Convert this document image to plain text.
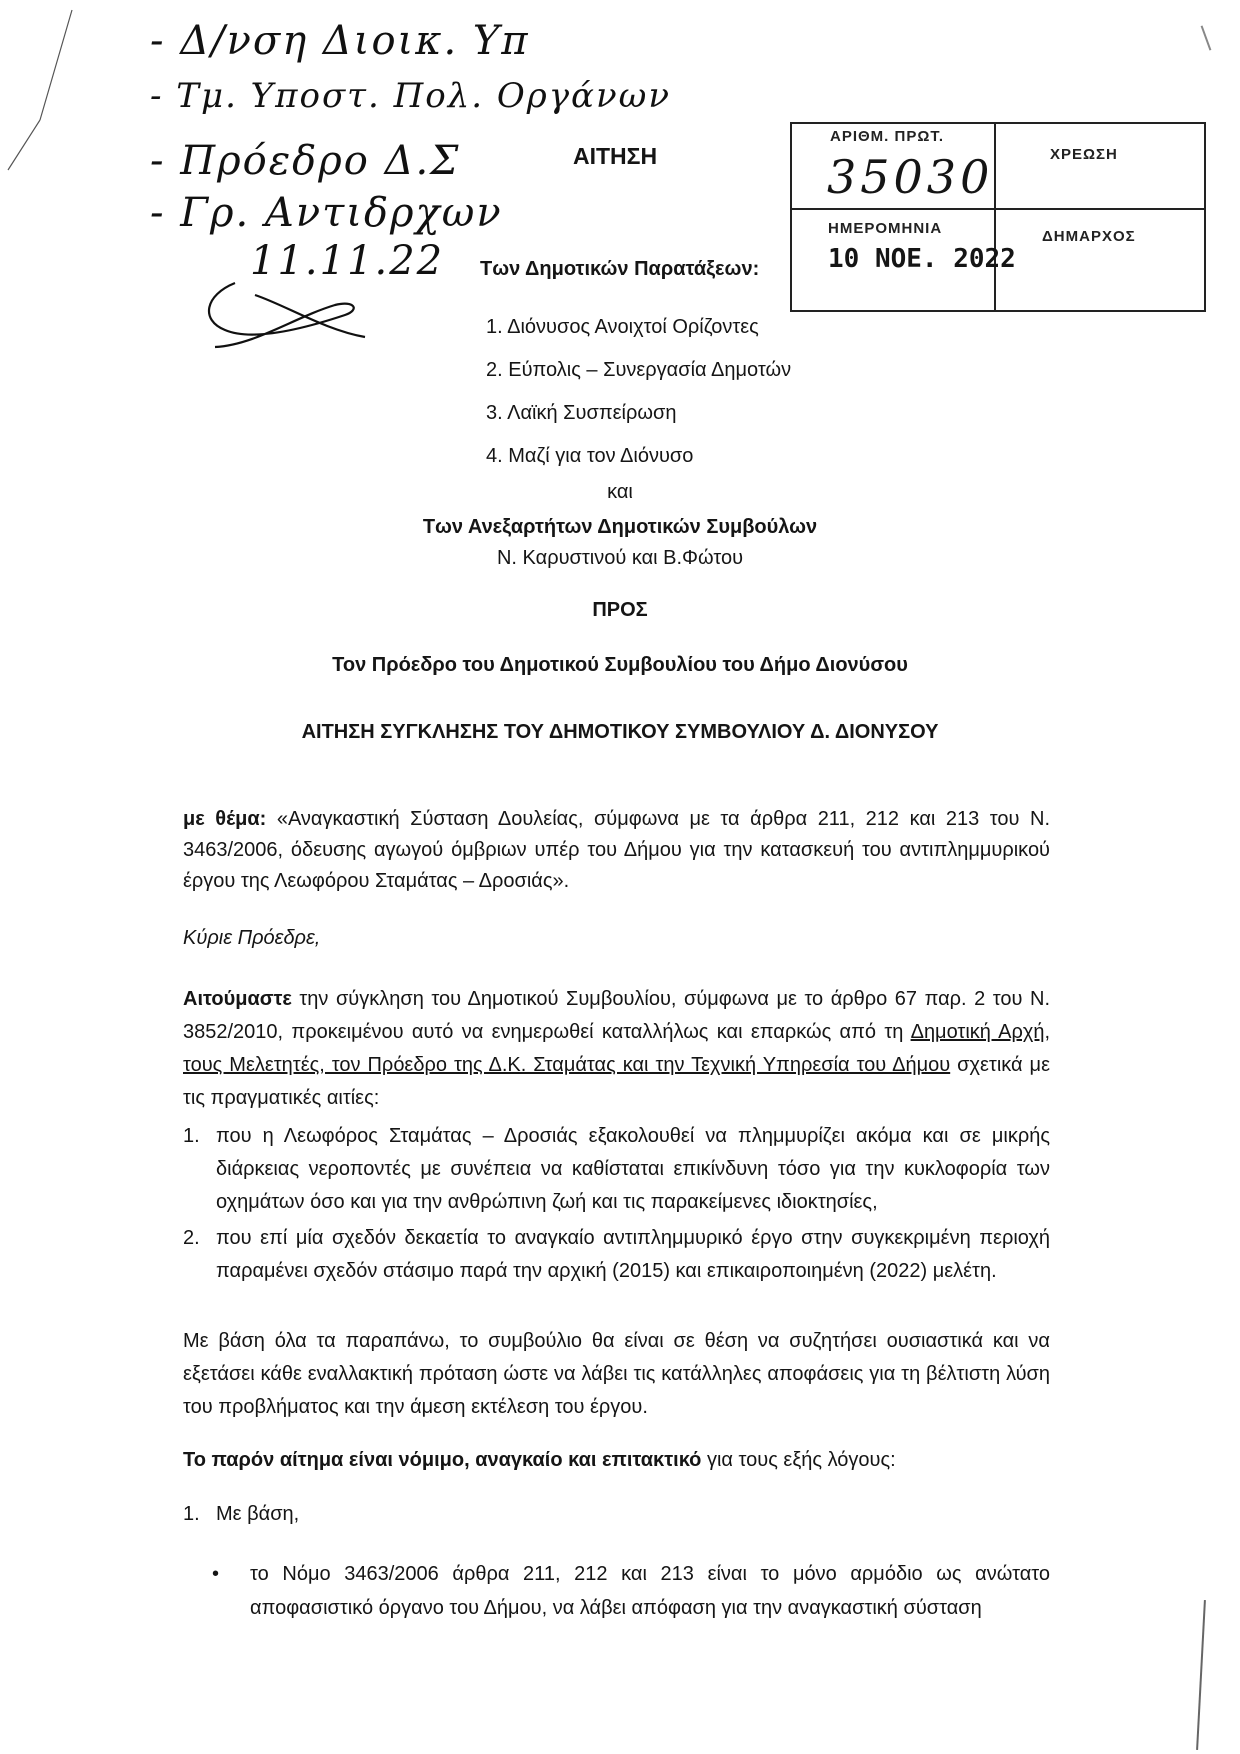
- Δ/νση Διοικ. Υπ
- Τμ. Υποστ. Πολ. Οργάνων
- Πρόεδρο Δ.Σ
- Γρ. Αντιδρχων
11.11.22
ΑΙΤΗΣΗ
ΑΡΙΘΜ. ΠΡΩΤ.
35030	ΧΡΕΩΣΗ
ΗΜΕΡΟΜΗΝΙΑ
10 ΝΟΕ. 2022
ΔΗΜΑΡΧΟΣ
Των Δημοτικών Παρατάξεων:
1. Διόνυσος Ανοιχτοί Ορίζοντες
2. Εύπολις – Συνεργασία Δημοτών
3. Λαϊκή Συσπείρωση
4. Μαζί για τον Διόνυσο
και
Των Ανεξαρτήτων Δημοτικών Συμβούλων
Ν. Καρυστινού και Β.Φώτου
ΠΡΟΣ
Τον Πρόεδρο του Δημοτικού Συμβουλίου του Δήμο Διονύσου
ΑΙΤΗΣΗ ΣΥΓΚΛΗΣΗΣ ΤΟΥ ΔΗΜΟΤΙΚΟΥ ΣΥΜΒΟΥΛΙΟΥ Δ. ΔΙΟΝΥΣΟΥ
με θέμα: «Αναγκαστική Σύσταση Δουλείας, σύμφωνα με τα άρθρα 211, 212 και 213 του Ν. 3463/2006, όδευσης αγωγού όμβριων υπέρ του Δήμου για την κατασκευή του αντιπλημμυρικού έργου της Λεωφόρου Σταμάτας – Δροσιάς».
Κύριε Πρόεδρε,
Αιτούμαστε την σύγκληση του Δημοτικού Συμβουλίου, σύμφωνα με το άρθρο 67 παρ. 2 του Ν. 3852/2010, προκειμένου αυτό να ενημερωθεί καταλλήλως και επαρκώς από τη Δημοτική Αρχή, τους Μελετητές, τον Πρόεδρο της Δ.Κ. Σταμάτας και την Τεχνική Υπηρεσία του Δήμου σχετικά με τις πραγματικές αιτίες:
1. που η Λεωφόρος Σταμάτας – Δροσιάς εξακολουθεί να πλημμυρίζει ακόμα και σε μικρής διάρκειας νεροποντές με συνέπεια να καθίσταται επικίνδυνη τόσο για την κυκλοφορία των οχημάτων όσο και για την ανθρώπινη ζωή και τις παρακείμενες ιδιοκτησίες,
2. που επί μία σχεδόν δεκαετία το αναγκαίο αντιπλημμυρικό έργο στην συγκεκριμένη περιοχή παραμένει σχεδόν στάσιμο παρά την αρχική (2015) και επικαιροποιημένη (2022) μελέτη.
Με βάση όλα τα παραπάνω, το συμβούλιο θα είναι σε θέση να συζητήσει ουσιαστικά και να εξετάσει κάθε εναλλακτική πρόταση ώστε να λάβει τις κατάλληλες αποφάσεις για τη βέλτιστη λύση του προβλήματος και την άμεση εκτέλεση του έργου.
Το παρόν αίτημα είναι νόμιμο, αναγκαίο και επιτακτικό για τους εξής λόγους:
1. Με βάση,
•	το Νόμο 3463/2006 άρθρα 211, 212 και 213 είναι το μόνο αρμόδιο ως ανώτατο αποφασιστικό όργανο του Δήμου, να λάβει απόφαση για την αναγκαστική σύσταση
